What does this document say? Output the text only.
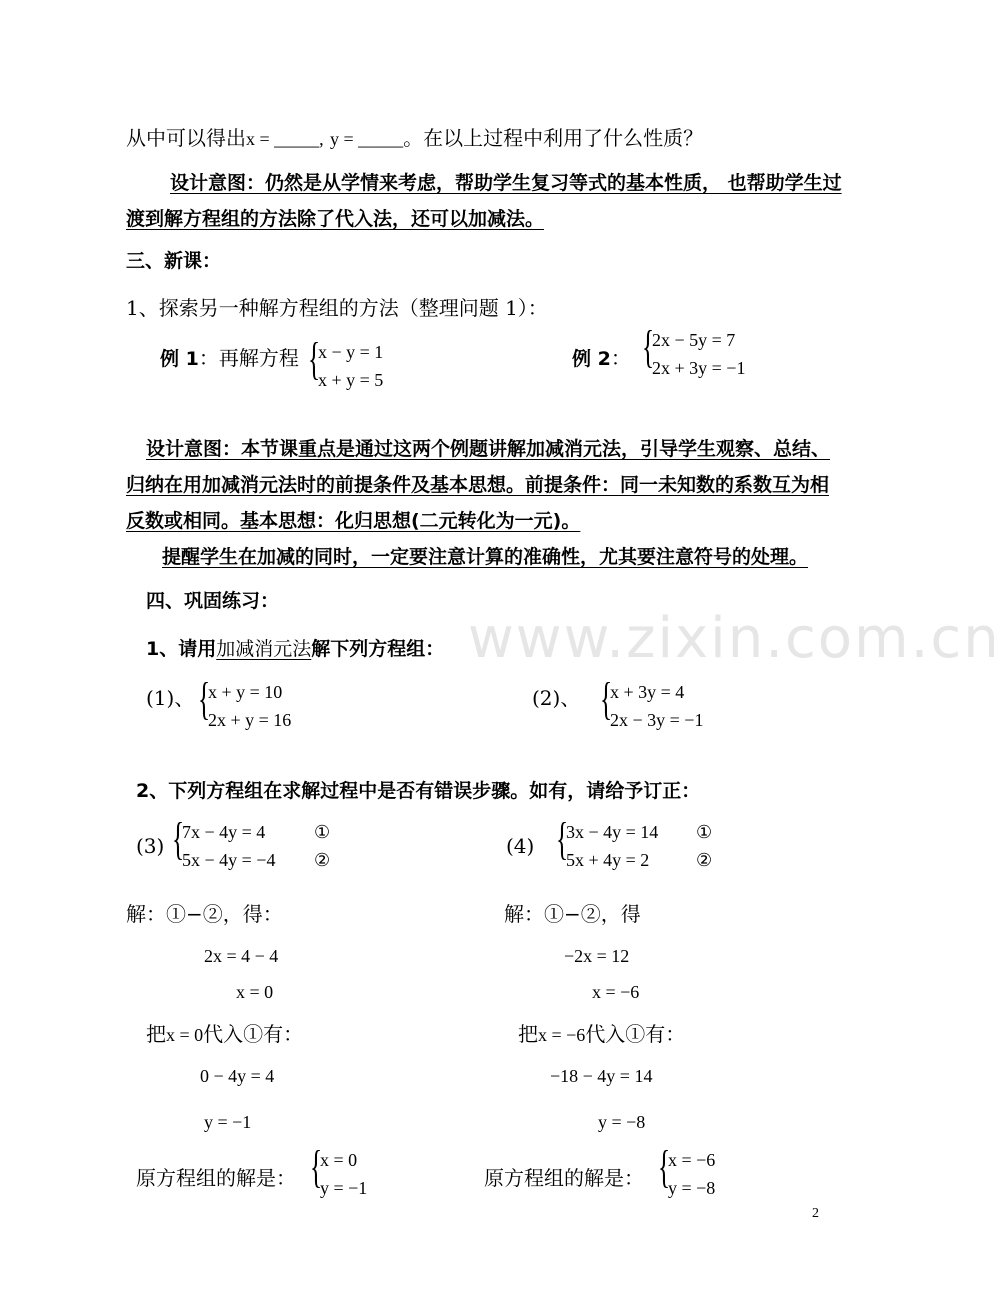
www.zixin.com.cn
从中可以得出x = _____, y = _____。在以上过程中利用了什么性质？
设计意图：仍然是从学情来考虑，帮助学生复习等式的基本性质， 也帮助学生过
渡到解方程组的方法除了代入法，还可以加减法。
三、新课：
1、探索另一种解方程组的方法（整理问题 1）：
例 1：再解方程 {
x − y = 1
x + y = 5
例 2： {
2x − 5y = 7
2x + 3y = −1
设计意图：本节课重点是通过这两个例题讲解加减消元法，引导学生观察、总结、
归纳在用加减消元法时的前提条件及基本思想。前提条件：同一未知数的系数互为相
反数或相同。基本思想：化归思想(二元转化为一元)。
提醒学生在加减的同时，一定要注意计算的准确性，尤其要注意符号的处理。
四、巩固练习：
1、请用加减消元法解下列方程组：
(1)、 {
x + y = 10
2x + y = 16
(2)、 {
x + 3y = 4
2x − 3y = −1
2、下列方程组在求解过程中是否有错误步骤。如有，请给予订正：
(3) {
7x − 4y = 4
5x − 4y = −4
①
②
(4) {
3x − 4y = 14
5x + 4y = 2
①
②
解：①−②，得：
2x = 4 − 4
x = 0
把x = 0代入①有：
0 − 4y = 4
y = −1
原方程组的解是： {
x = 0
y = −1
解：①−②，得
−2x = 12
x = −6
把x = −6代入①有：
−18 − 4y = 14
y = −8
原方程组的解是： {
x = −6
y = −8
2
